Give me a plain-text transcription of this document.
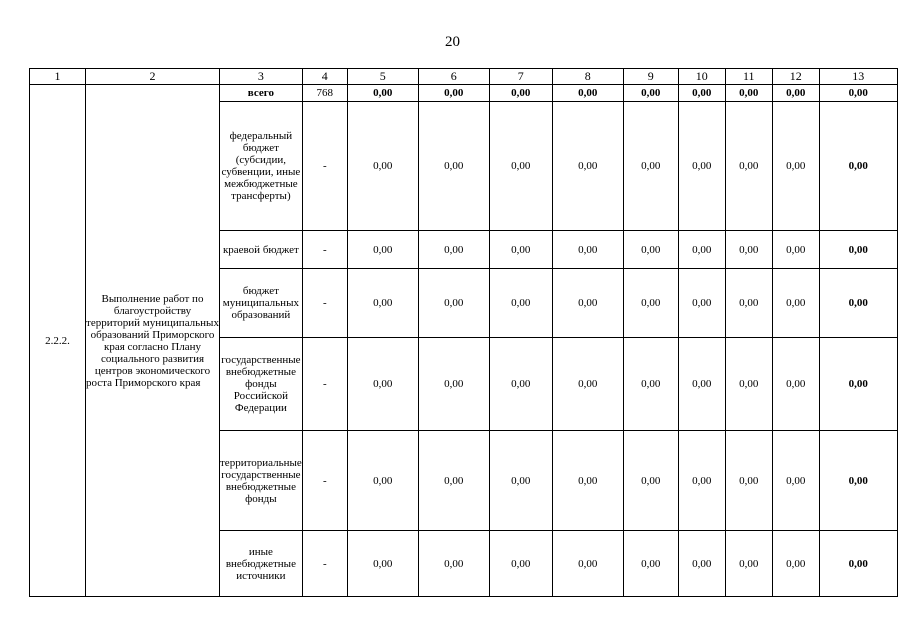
20
1	2	3	4	5	6	7	8	9	10	11	12	13
2.2.2.	Выполнение работ по благоустройству территорий муниципальных образований Приморского края согласно Плану социального развития центров экономического роста Приморского края	всего	768	0,00	0,00	0,00	0,00	0,00	0,00	0,00	0,00	0,00
		федеральный бюджет (субсидии, субвенции, иные межбюджетные трансферты)	-	0,00	0,00	0,00	0,00	0,00	0,00	0,00	0,00	0,00
		краевой бюджет	-	0,00	0,00	0,00	0,00	0,00	0,00	0,00	0,00	0,00
		бюджет муниципальных образований	-	0,00	0,00	0,00	0,00	0,00	0,00	0,00	0,00	0,00
		государственные внебюджетные фонды Российской Федерации	-	0,00	0,00	0,00	0,00	0,00	0,00	0,00	0,00	0,00
		территориальные государственные внебюджетные фонды	-	0,00	0,00	0,00	0,00	0,00	0,00	0,00	0,00	0,00
		иные внебюджетные источники	-	0,00	0,00	0,00	0,00	0,00	0,00	0,00	0,00	0,00
